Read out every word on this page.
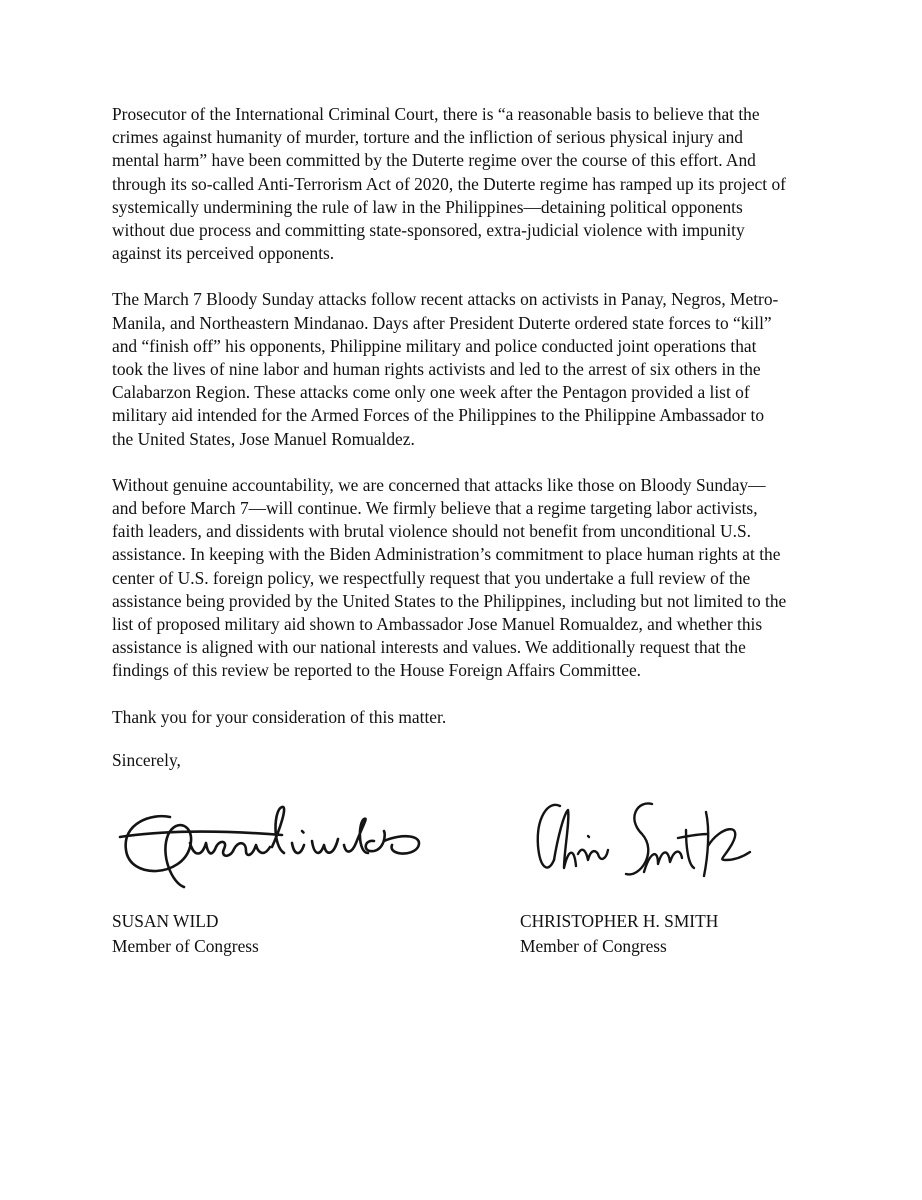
Prosecutor of the International Criminal Court, there is “a reasonable basis to believe that the
crimes against humanity of murder, torture and the infliction of serious physical injury and
mental harm” have been committed by the Duterte regime over the course of this effort. And
through its so-called Anti-Terrorism Act of 2020, the Duterte regime has ramped up its project of
systemically undermining the rule of law in the Philippines—detaining political opponents
without due process and committing state-sponsored, extra-judicial violence with impunity
against its perceived opponents.

The March 7 Bloody Sunday attacks follow recent attacks on activists in Panay, Negros, Metro-
Manila, and Northeastern Mindanao. Days after President Duterte ordered state forces to “kill”
and “finish off” his opponents, Philippine military and police conducted joint operations that
took the lives of nine labor and human rights activists and led to the arrest of six others in the
Calabarzon Region. These attacks come only one week after the Pentagon provided a list of
military aid intended for the Armed Forces of the Philippines to the Philippine Ambassador to
the United States, Jose Manuel Romualdez.

Without genuine accountability, we are concerned that attacks like those on Bloody Sunday—
and before March 7—will continue. We firmly believe that a regime targeting labor activists,
faith leaders, and dissidents with brutal violence should not benefit from unconditional U.S.
assistance. In keeping with the Biden Administration’s commitment to place human rights at the
center of U.S. foreign policy, we respectfully request that you undertake a full review of the
assistance being provided by the United States to the Philippines, including but not limited to the
list of proposed military aid shown to Ambassador Jose Manuel Romualdez, and whether this
assistance is aligned with our national interests and values. We additionally request that the
findings of this review be reported to the House Foreign Affairs Committee.

Thank you for your consideration of this matter.

Sincerely,

SUSAN WILD
Member of Congress
CHRISTOPHER H. SMITH
Member of Congress
